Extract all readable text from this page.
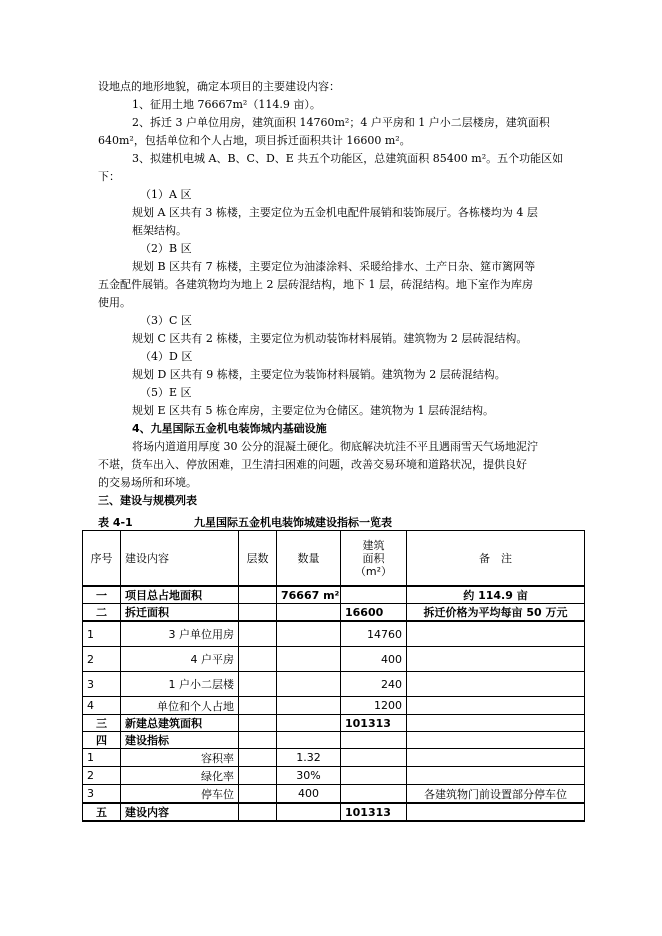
设地点的地形地貌，确定本项目的主要建设内容：
1、征用土地 76667m²（114.9 亩）。
2、拆迁 3 户单位用房，建筑面积 14760m²；4 户平房和 1 户小二层楼房，建筑面积
640m²，包括单位和个人占地，项目拆迁面积共计 16600 m²。
3、拟建机电城 A、B、C、D、E 共五个功能区，总建筑面积 85400 m²。五个功能区如
下：
（1）A 区
规划 A 区共有 3 栋楼，主要定位为五金机电配件展销和装饰展厅。各栋楼均为 4 层
框架结构。
（2）B 区
规划 B 区共有 7 栋楼，主要定位为油漆涂料、采暖给排水、土产日杂、筵市篱网等
五金配件展销。各建筑物均为地上 2 层砖混结构，地下 1 层，砖混结构。地下室作为库房
使用。
（3）C 区
规划 C 区共有 2 栋楼，主要定位为机动装饰材料展销。建筑物为 2 层砖混结构。
（4）D 区
规划 D 区共有 9 栋楼，主要定位为装饰材料展销。建筑物为 2 层砖混结构。
（5）E 区
规划 E 区共有 5 栋仓库房，主要定位为仓储区。建筑物为 1 层砖混结构。
4、九星国际五金机电装饰城内基础设施
将场内道道用厚度 30 公分的混凝土硬化。彻底解决坑洼不平且遇雨雪天气场地泥泞
不堪，货车出入、停放困难，卫生清扫困难的问题，改善交易环境和道路状况，提供良好
的交易场所和环境。
三、建设与规模列表
表 4-1	九星国际五金机电装饰城建设指标一览表
序号	建设内容	层数	数量	建筑
面积
（m²）	备　注
一	项目总占地面积		76667 m²		约 114.9 亩
二	拆迁面积			16600	拆迁价格为平均每亩 50 万元
1	3 户单位用房			14760	
2	4 户平房			400	
3	1 户小二层楼			240	
4	单位和个人占地			1200	
三	新建总建筑面积			101313	
四	建设指标				
1	容积率		1.32		
2	绿化率		30%		
3	停车位		400		各建筑物门前设置部分停车位
五	建设内容			101313	
